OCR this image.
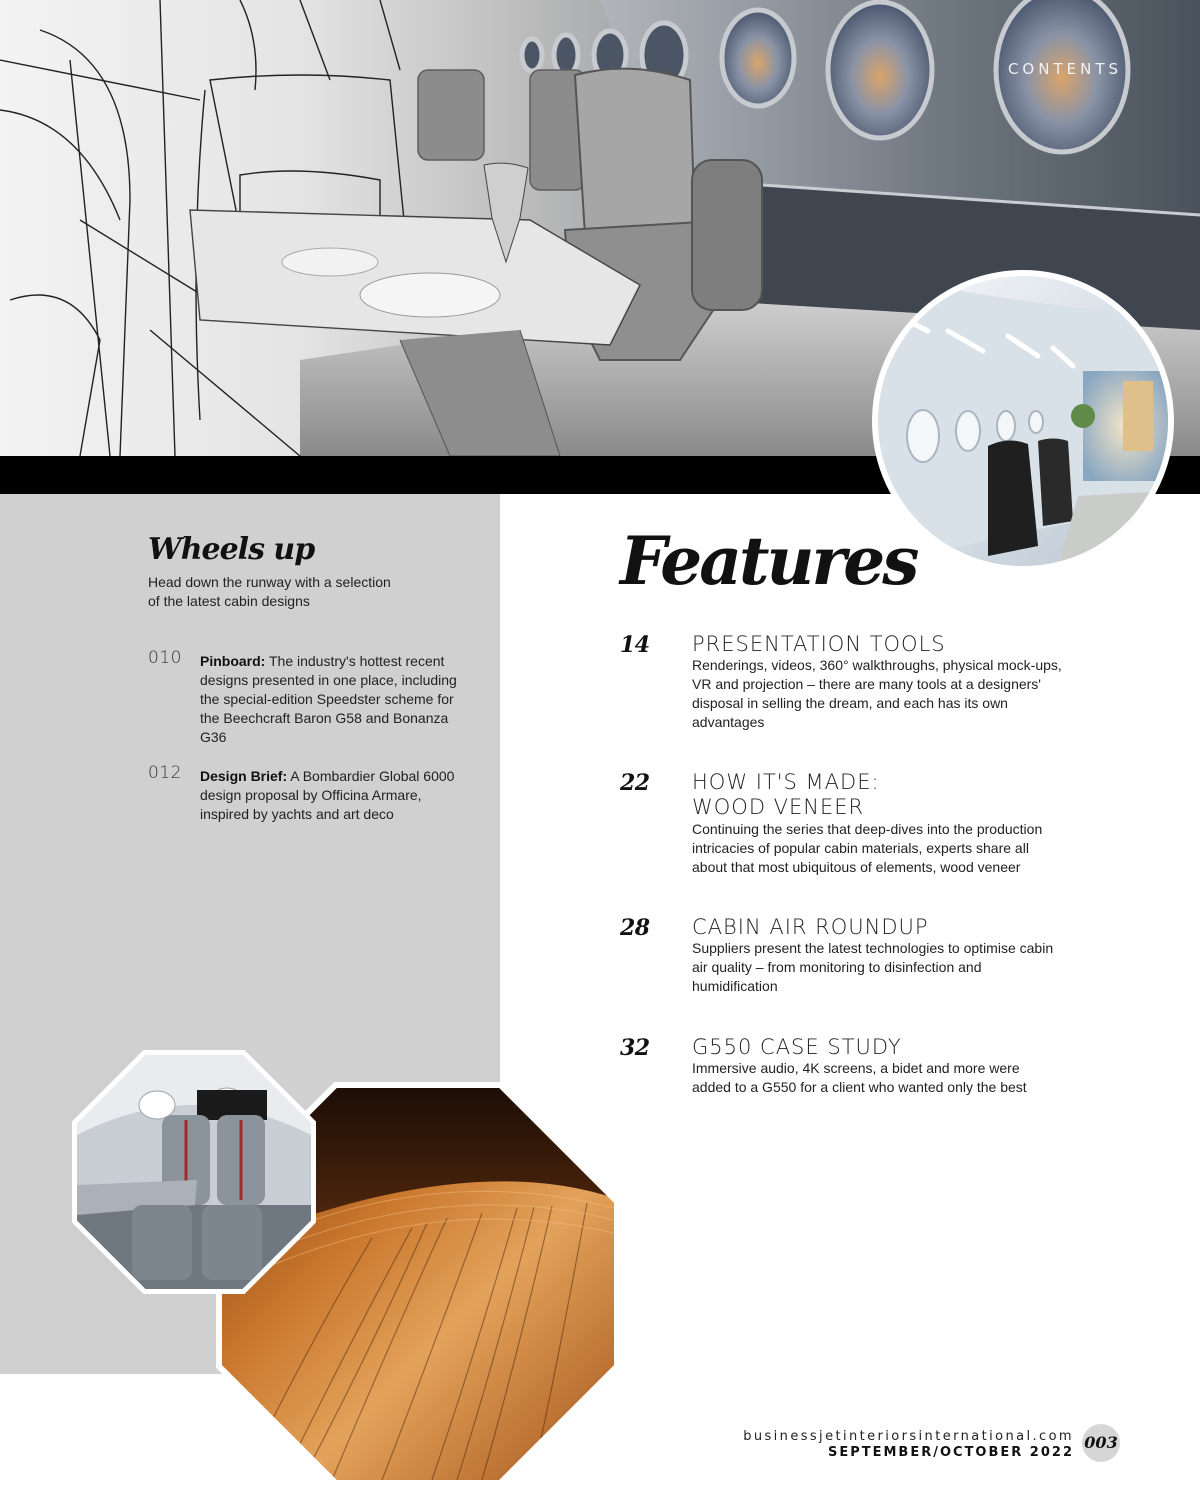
CONTENTS
Wheels up
Head down the runway with a selection
of the latest cabin designs
010 Pinboard: The industry's hottest recent designs presented in one place, including the special-edition Speedster scheme for the Beechcraft Baron G58 and Bonanza G36
012 Design Brief: A Bombardier Global 6000 design proposal by Officina Armare, inspired by yachts and art deco
Features
14 PRESENTATION TOOLS
Renderings, videos, 360° walkthroughs, physical mock-ups, VR and projection – there are many tools at a designers' disposal in selling the dream, and each has its own advantages
22 HOW IT'S MADE:
WOOD VENEER
Continuing the series that deep-dives into the production intricacies of popular cabin materials, experts share all about that most ubiquitous of elements, wood veneer
28 CABIN AIR ROUNDUP
Suppliers present the latest technologies to optimise cabin air quality – from monitoring to disinfection and humidification
32 G550 CASE STUDY
Immersive audio, 4K screens, a bidet and more were added to a G550 for a client who wanted only the best
businessjetinteriorsinternational.com
SEPTEMBER/OCTOBER 2022
003
